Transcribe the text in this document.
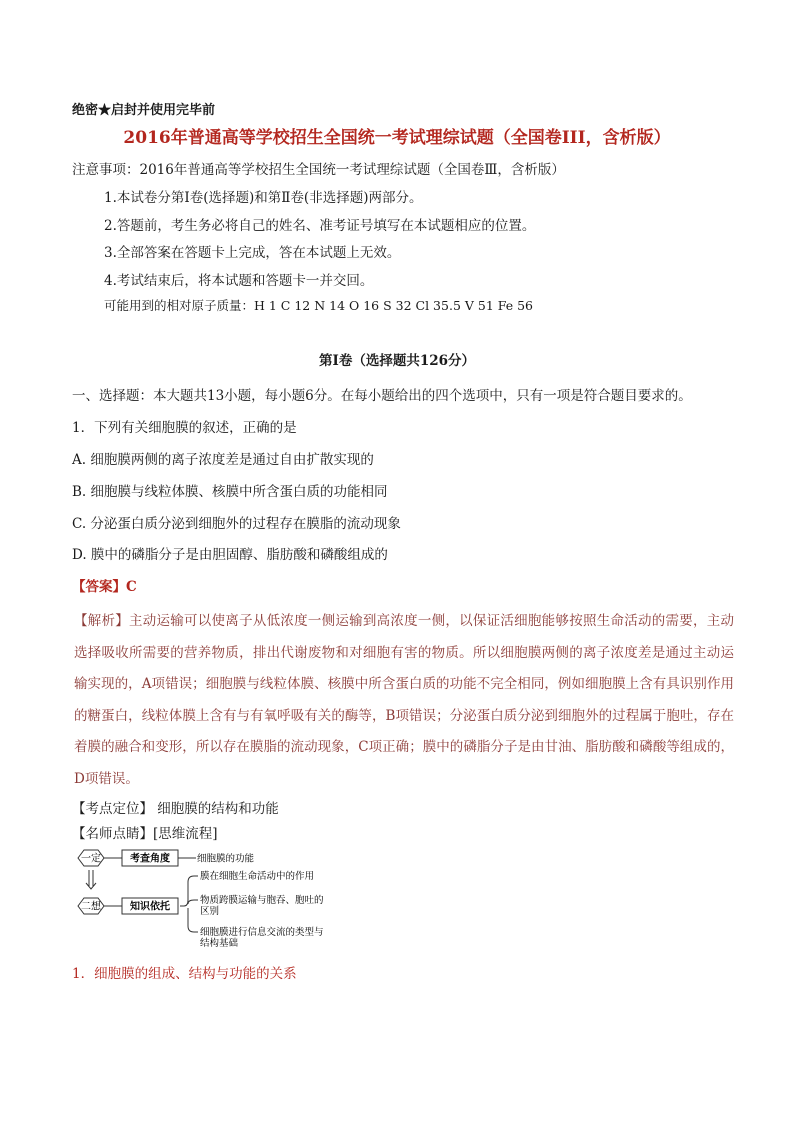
绝密★启封并使用完毕前
2016年普通高等学校招生全国统一考试理综试题（全国卷III，含析版）
注意事项：2016年普通高等学校招生全国统一考试理综试题（全国卷Ⅲ，含析版）
1.本试卷分第Ⅰ卷(选择题)和第Ⅱ卷(非选择题)两部分。
2.答题前，考生务必将自己的姓名、准考证号填写在本试题相应的位置。
3.全部答案在答题卡上完成，答在本试题上无效。
4.考试结束后，将本试题和答题卡一并交回。
可能用到的相对原子质量：H 1 C 12 N 14 O 16 S 32 Cl 35.5 V 51 Fe 56
第Ⅰ卷（选择题共126分）
一、选择题：本大题共13小题，每小题6分。在每小题给出的四个选项中，只有一项是符合题目要求的。
1．下列有关细胞膜的叙述，正确的是
A. 细胞膜两侧的离子浓度差是通过自由扩散实现的
B. 细胞膜与线粒体膜、核膜中所含蛋白质的功能相同
C. 分泌蛋白质分泌到细胞外的过程存在膜脂的流动现象
D. 膜中的磷脂分子是由胆固醇、脂肪酸和磷酸组成的
【答案】C
【解析】主动运输可以使离子从低浓度一侧运输到高浓度一侧，以保证活细胞能够按照生命活动的需要，主动选择吸收所需要的营养物质，排出代谢废物和对细胞有害的物质。所以细胞膜两侧的离子浓度差是通过主动运输实现的，A项错误；细胞膜与线粒体膜、核膜中所含蛋白质的功能不完全相同，例如细胞膜上含有具识别作用的糖蛋白，线粒体膜上含有与有氧呼吸有关的酶等，B项错误；分泌蛋白质分泌到细胞外的过程属于胞吐，存在着膜的融合和变形，所以存在膜脂的流动现象，C项正确；膜中的磷脂分子是由甘油、脂肪酸和磷酸等组成的，D项错误。
【考点定位】 细胞膜的结构和功能
【名师点睛】[思维流程]
一定	考查角度	细胞膜的功能
二想	知识依托
膜在细胞生命活动中的作用
物质跨膜运输与胞吞、胞吐的
区别
细胞膜进行信息交流的类型与
结构基础
1．细胞膜的组成、结构与功能的关系
